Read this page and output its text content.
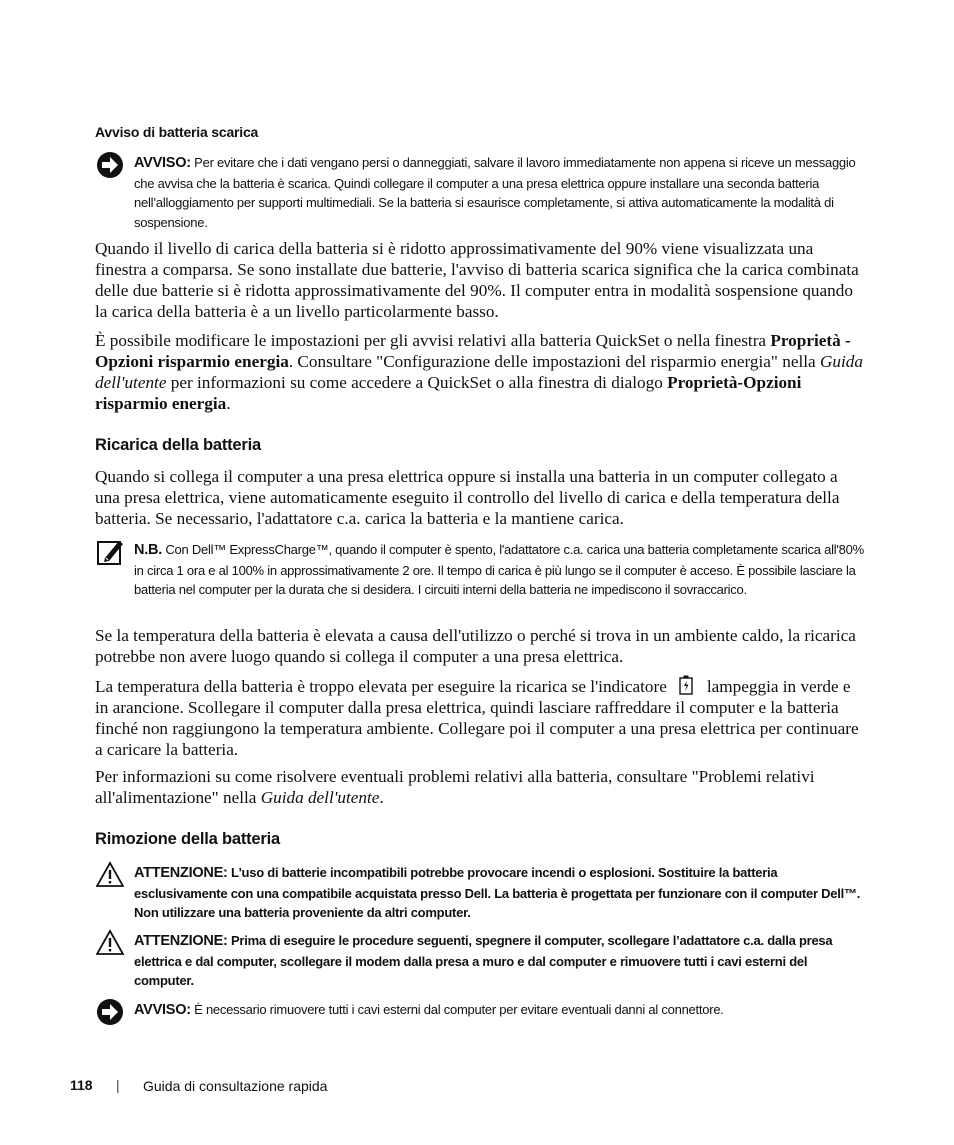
Avviso di batteria scarica

AVVISO: Per evitare che i dati vengano persi o danneggiati, salvare il lavoro immediatamente non appena si riceve un messaggio che avvisa che la batteria è scarica. Quindi collegare il computer a una presa elettrica oppure installare una seconda batteria nell’alloggiamento per supporti multimediali. Se la batteria si esaurisce completamente, si attiva automaticamente la modalità di sospensione.

Quando il livello di carica della batteria si è ridotto approssimativamente del 90% viene visualizzata una finestra a comparsa. Se sono installate due batterie, l'avviso di batteria scarica significa che la carica combinata delle due batterie si è ridotta approssimativamente del 90%. Il computer entra in modalità sospensione quando la carica della batteria è a un livello particolarmente basso.

È possibile modificare le impostazioni per gli avvisi relativi alla batteria QuickSet o nella finestra Proprietà - Opzioni risparmio energia. Consultare "Configurazione delle impostazioni del risparmio energia" nella Guida dell'utente per informazioni su come accedere a QuickSet o alla finestra di dialogo Proprietà-Opzioni risparmio energia.

Ricarica della batteria

Quando si collega il computer a una presa elettrica oppure si installa una batteria in un computer collegato a una presa elettrica, viene automaticamente eseguito il controllo del livello di carica e della temperatura della batteria. Se necessario, l'adattatore c.a. carica la batteria e la mantiene carica.

N.B. Con Dell™ ExpressCharge™, quando il computer è spento, l'adattatore c.a. carica una batteria completamente scarica all'80% in circa 1 ora e al 100% in approssimativamente 2 ore. Il tempo di carica è più lungo se il computer è acceso. È possibile lasciare la batteria nel computer per la durata che si desidera. I circuiti interni della batteria ne impediscono il sovraccarico.

Se la temperatura della batteria è elevata a causa dell'utilizzo o perché si trova in un ambiente caldo, la ricarica potrebbe non avere luogo quando si collega il computer a una presa elettrica.

La temperatura della batteria è troppo elevata per eseguire la ricarica se l'indicatore lampeggia in verde e in arancione. Scollegare il computer dalla presa elettrica, quindi lasciare raffreddare il computer e la batteria finché non raggiungono la temperatura ambiente. Collegare poi il computer a una presa elettrica per continuare a caricare la batteria.

Per informazioni su come risolvere eventuali problemi relativi alla batteria, consultare "Problemi relativi all'alimentazione" nella Guida dell'utente.

Rimozione della batteria

ATTENZIONE: L'uso di batterie incompatibili potrebbe provocare incendi o esplosioni. Sostituire la batteria esclusivamente con una compatibile acquistata presso Dell. La batteria è progettata per funzionare con il computer Dell™. Non utilizzare una batteria proveniente da altri computer.

ATTENZIONE: Prima di eseguire le procedure seguenti, spegnere il computer, scollegare l’adattatore c.a. dalla presa elettrica e dal computer, scollegare il modem dalla presa a muro e dal computer e rimuovere tutti i cavi esterni del computer.

AVVISO: È necessario rimuovere tutti i cavi esterni dal computer per evitare eventuali danni al connettore.

118 | Guida di consultazione rapida
